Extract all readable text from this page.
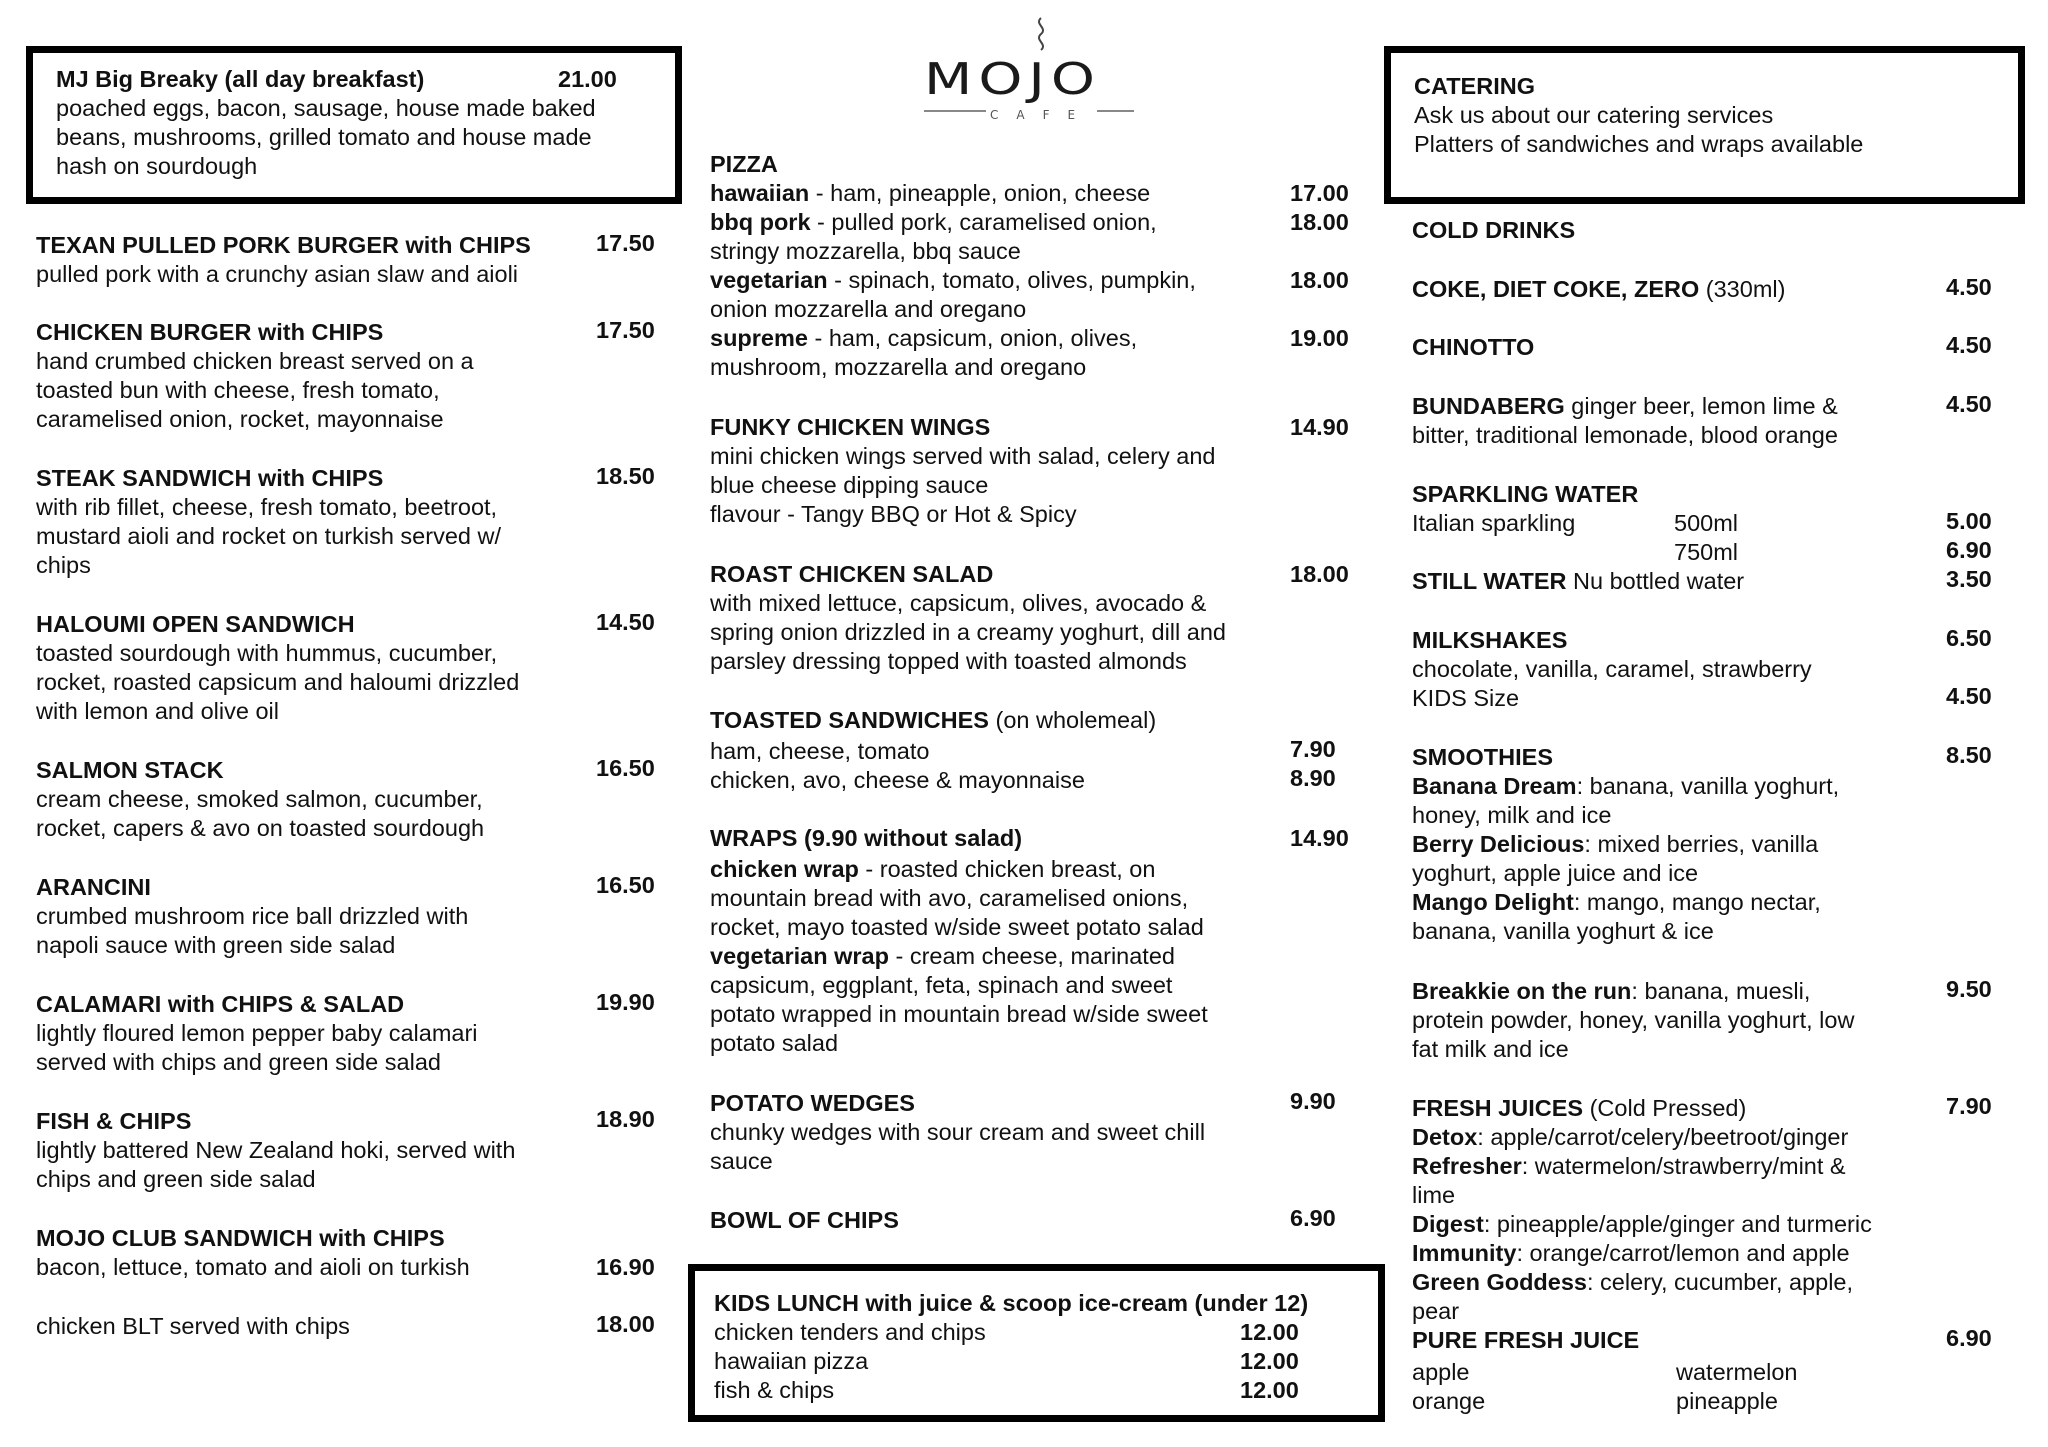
MOJO
CAFE
MJ Big Breaky (all day breakfast)	21.00
poached eggs, bacon, sausage, house made baked
beans, mushrooms, grilled tomato and house made
hash on sourdough
TEXAN PULLED PORK BURGER with CHIPS	17.50
pulled pork with a crunchy asian slaw and aioli
CHICKEN BURGER with CHIPS	17.50
hand crumbed chicken breast served on a
toasted bun with cheese, fresh tomato,
caramelised onion, rocket, mayonnaise
STEAK SANDWICH with CHIPS	18.50
with rib fillet, cheese, fresh tomato, beetroot,
mustard aioli and rocket on turkish served w/
chips
HALOUMI OPEN SANDWICH	14.50
toasted sourdough with hummus, cucumber,
rocket, roasted capsicum and haloumi drizzled
with lemon and olive oil
SALMON STACK	16.50
cream cheese, smoked salmon, cucumber,
rocket, capers & avo on toasted sourdough
ARANCINI	16.50
crumbed mushroom rice ball drizzled with
napoli sauce with green side salad
CALAMARI with CHIPS & SALAD	19.90
lightly floured lemon pepper baby calamari
served with chips and green side salad
FISH & CHIPS	18.90
lightly battered New Zealand hoki, served with
chips and green side salad
MOJO CLUB SANDWICH with CHIPS
bacon, lettuce, tomato and aioli on turkish	16.90
chicken BLT served with chips	18.00
PIZZA
hawaiian - ham, pineapple, onion, cheese	17.00
bbq pork - pulled pork, caramelised onion,	18.00
stringy mozzarella, bbq sauce
vegetarian - spinach, tomato, olives, pumpkin,	18.00
onion mozzarella and oregano
supreme - ham, capsicum, onion, olives,	19.00
mushroom, mozzarella and oregano
FUNKY CHICKEN WINGS	14.90
mini chicken wings served with salad, celery and
blue cheese dipping sauce
flavour - Tangy BBQ or Hot & Spicy
ROAST CHICKEN SALAD	18.00
with mixed lettuce, capsicum, olives, avocado &
spring onion drizzled in a creamy yoghurt, dill and
parsley dressing topped with toasted almonds
TOASTED SANDWICHES (on wholemeal)
ham, cheese, tomato	7.90
chicken, avo, cheese & mayonnaise	8.90
WRAPS (9.90 without salad)	14.90
chicken wrap - roasted chicken breast, on
mountain bread with avo, caramelised onions,
rocket, mayo toasted w/side sweet potato salad
vegetarian wrap - cream cheese, marinated
capsicum, eggplant, feta, spinach and sweet
potato wrapped in mountain bread w/side sweet
potato salad
POTATO WEDGES	9.90
chunky wedges with sour cream and sweet chill
sauce
BOWL OF CHIPS	6.90
KIDS LUNCH with juice & scoop ice-cream (under 12)
chicken tenders and chips	12.00
hawaiian pizza	12.00
fish & chips	12.00
CATERING
Ask us about our catering services
Platters of sandwiches and wraps available
COLD DRINKS
COKE, DIET COKE, ZERO (330ml)	4.50
CHINOTTO	4.50
BUNDABERG ginger beer, lemon lime &	4.50
bitter, traditional lemonade, blood orange
SPARKLING WATER
Italian sparkling	500ml	5.00
750ml	6.90
STILL WATER Nu bottled water	3.50
MILKSHAKES	6.50
chocolate, vanilla, caramel, strawberry
KIDS Size	4.50
SMOOTHIES	8.50
Banana Dream: banana, vanilla yoghurt,
honey, milk and ice
Berry Delicious: mixed berries, vanilla
yoghurt, apple juice and ice
Mango Delight: mango, mango nectar,
banana, vanilla yoghurt & ice
Breakkie on the run: banana, muesli,	9.50
protein powder, honey, vanilla yoghurt, low
fat milk and ice
FRESH JUICES (Cold Pressed)	7.90
Detox: apple/carrot/celery/beetroot/ginger
Refresher: watermelon/strawberry/mint &
lime
Digest: pineapple/apple/ginger and turmeric
Immunity: orange/carrot/lemon and apple
Green Goddess: celery, cucumber, apple,
pear
PURE FRESH JUICE	6.90
apple	watermelon
orange	pineapple
